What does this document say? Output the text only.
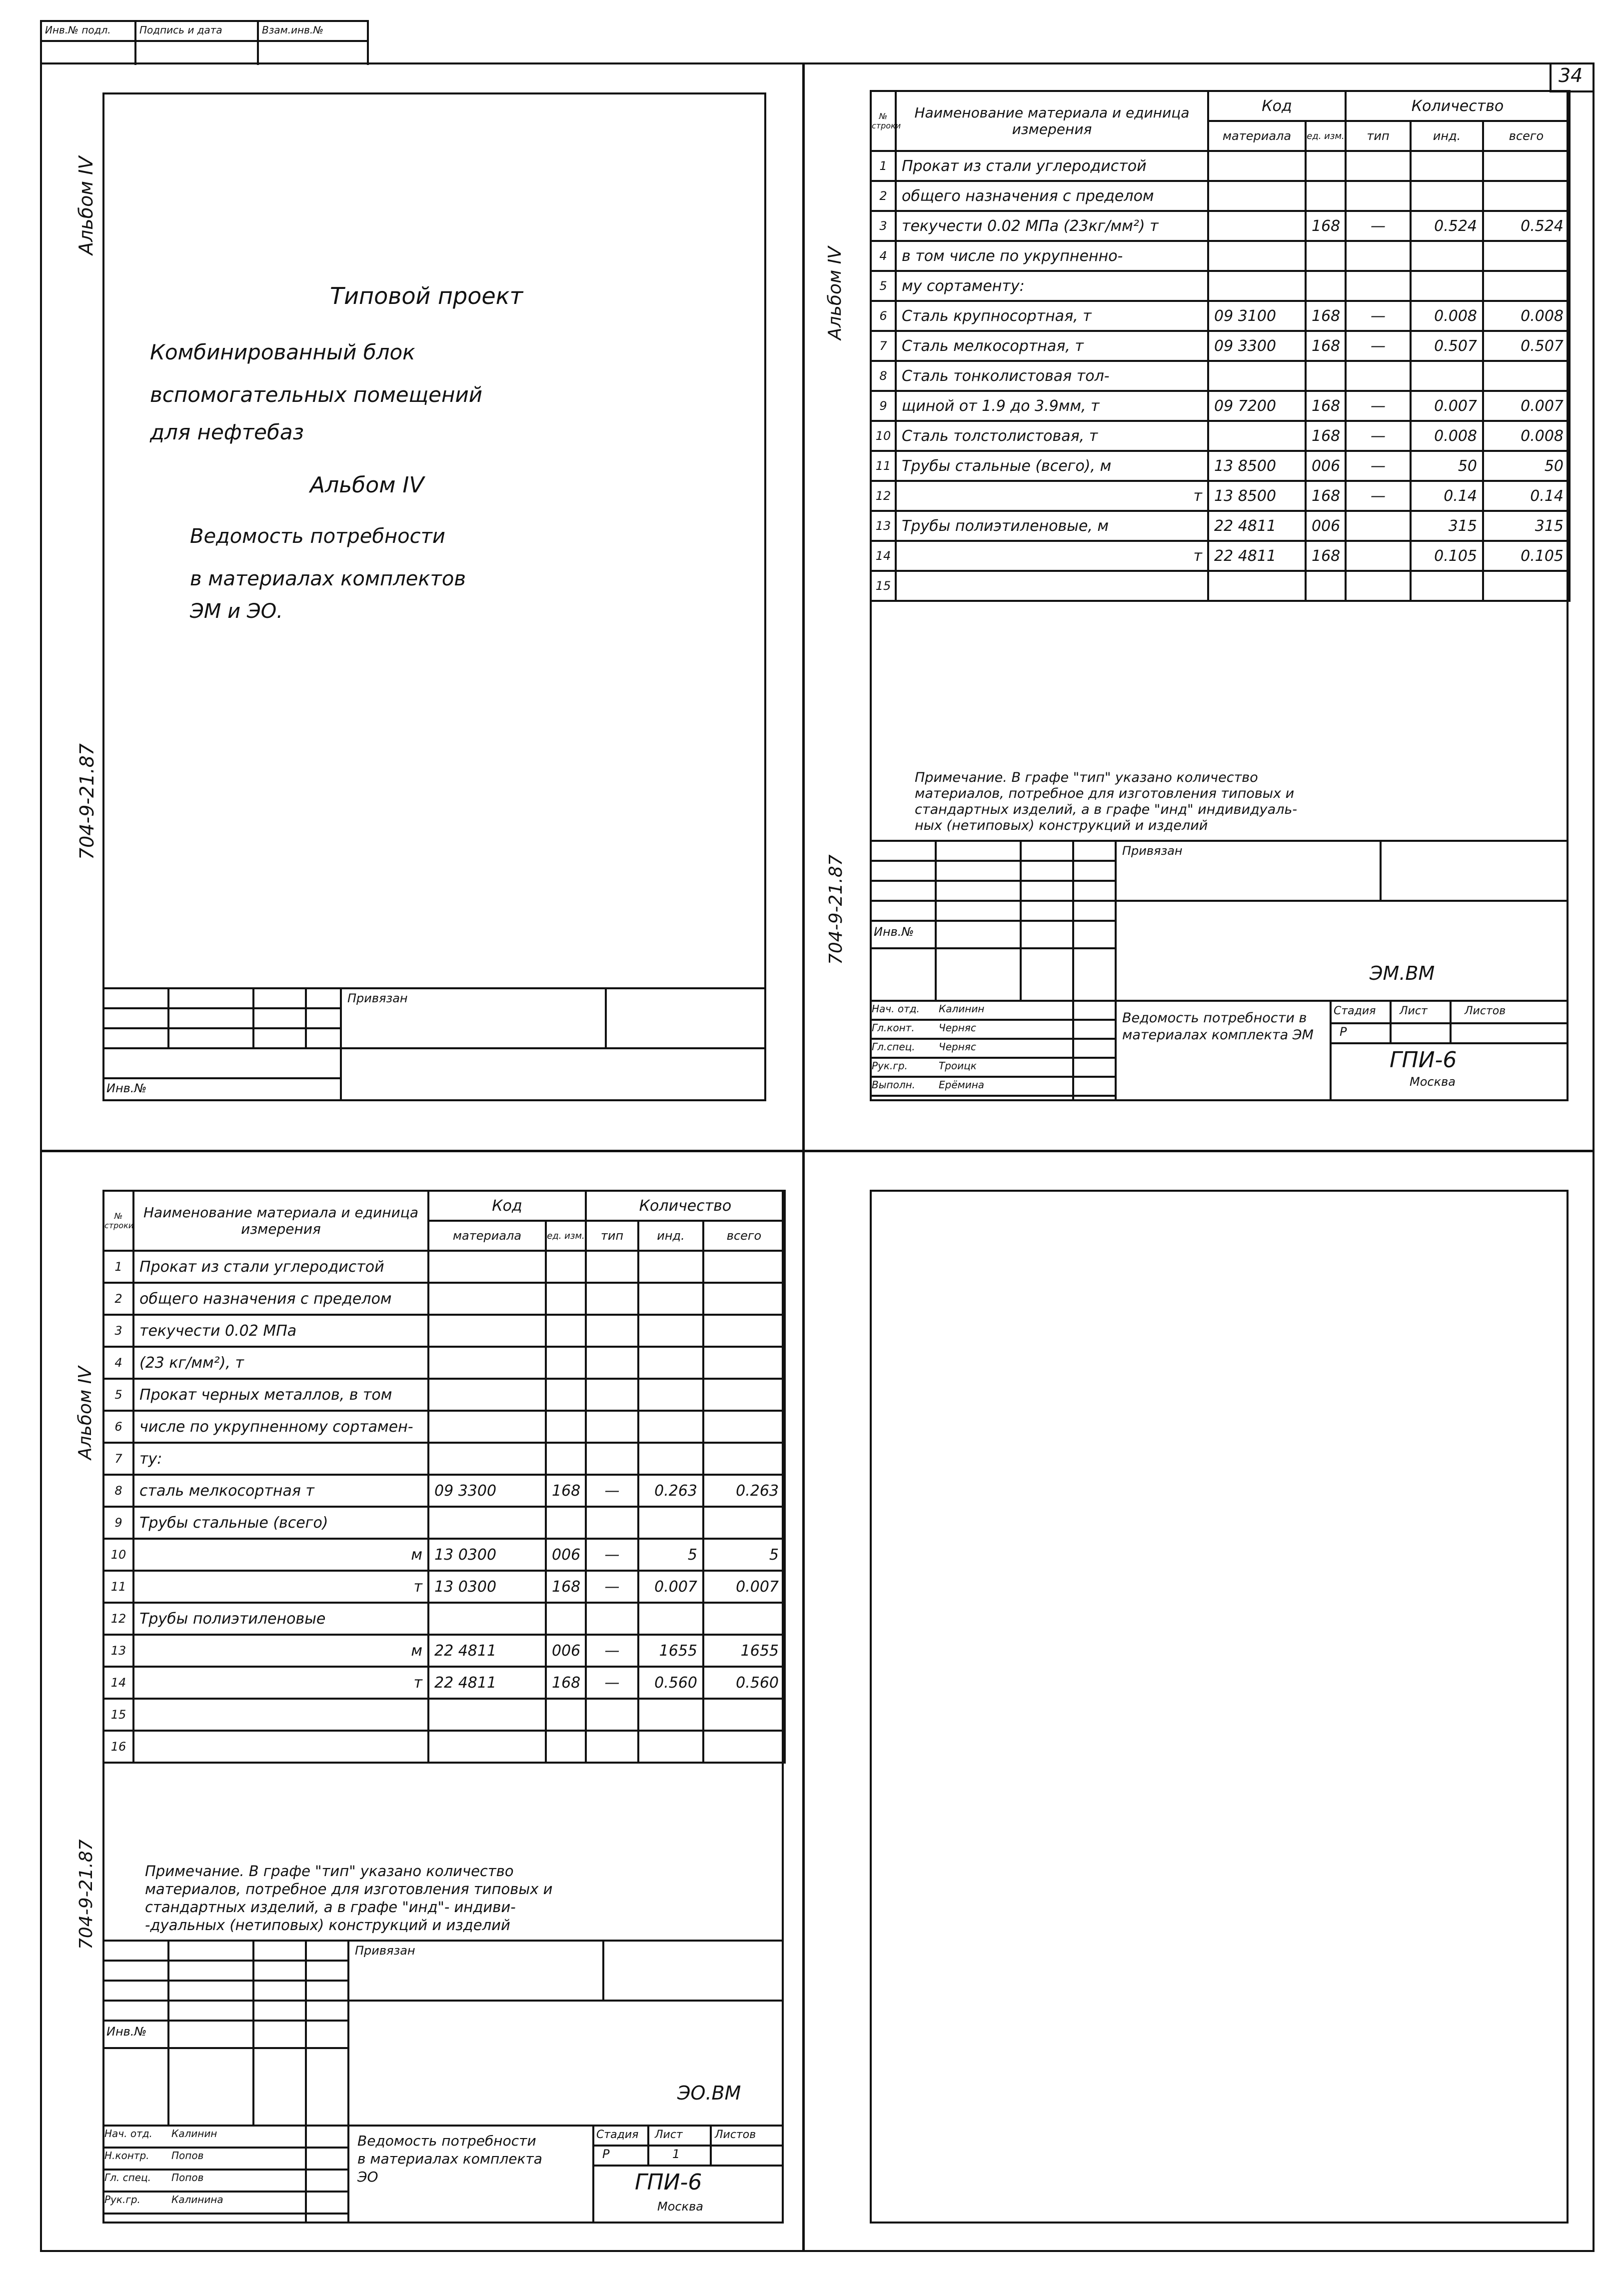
Инв.№ подл.	Подпись и дата	Взам.инв.№
34
Альбом IV
704-9-21.87
Типовой проект
Комбинированный блок
вспомогательных помещений
для нефтебаз
Альбом IV
Ведомость потребности
в материалах комплектов
ЭМ и ЭО.
Привязан
Инв.№
Альбом IV
704-9-21.87
№ строки	Наименование материала и единица измерения	Код		Количество		
		материала	ед. изм.	тип	инд.	всего
1	Прокат из стали углеродистой					
2	общего назначения с пределом					
3	текучести 0.02 МПа (23кг/мм²) т		168	—	0.524	0.524
4	в том числе по укрупненно-					
5	му сортаменту:					
6	Сталь крупносортная, т	09 3100	168	—	0.008	0.008
7	Сталь мелкосортная, т	09 3300	168	—	0.507	0.507
8	Сталь тонколистовая тол-					
9	щиной от 1.9 до 3.9мм, т	09 7200	168	—	0.007	0.007
10	Сталь толстолистовая, т		168	—	0.008	0.008
11	Трубы стальные (всего), м	13 8500	006	—	50	50
12	т	13 8500	168	—	0.14	0.14
13	Трубы полиэтиленовые, м	22 4811	006		315	315
14	т	22 4811	168		0.105	0.105
15						
Примечание. В графе "тип" указано количество
материалов, потребное для изготовления типовых и
стандартных изделий, а в графе "инд" индивидуаль-
ных (нетиповых) конструкций и изделий
Привязан
Инв.№
ЭМ.ВМ
Нач. отд. Калинин
Гл.конт. Черняс
Гл.спец. Черняс
Рук.гр.	Троицк
Выполн. Ерёмина
Ведомость потребности в материалах комплекта ЭМ
Стадия Лист	Листов
Р
ГПИ-6
Москва
Альбом IV
704-9-21.87
№ строки	Наименование материала и единица измерения	Код		Количество		
		материала	ед. изм.	тип	инд.	всего
1	Прокат из стали углеродистой					
2	общего назначения с пределом					
3	текучести 0.02 МПа					
4	(23 кг/мм²), т					
5	Прокат черных металлов, в том					
6	числе по укрупненному сортамен-					
7	ту:					
8	сталь мелкосортная т	09 3300	168	—	0.263	0.263
9	Трубы стальные (всего)					
10	м	13 0300	006	—	5	5
11	т	13 0300	168	—	0.007	0.007
12	Трубы полиэтиленовые					
13	м	22 4811	006	—	1655	1655
14	т	22 4811	168	—	0.560	0.560
15						
16						
Примечание. В графе "тип" указано количество
материалов, потребное для изготовления типовых и
стандартных изделий, а в графе "инд"- индиви-
-дуальных (нетиповых) конструкций и изделий
Привязан
Инв.№
ЭО.ВМ
Нач. отд. Калинин
Н.контр. Попов
Гл. спец. Попов
Рук.гр.	Калинина
Ведомость потребности в материалах комплекта ЭО
Стадия Лист	Листов
Р	1
ГПИ-6
Москва
